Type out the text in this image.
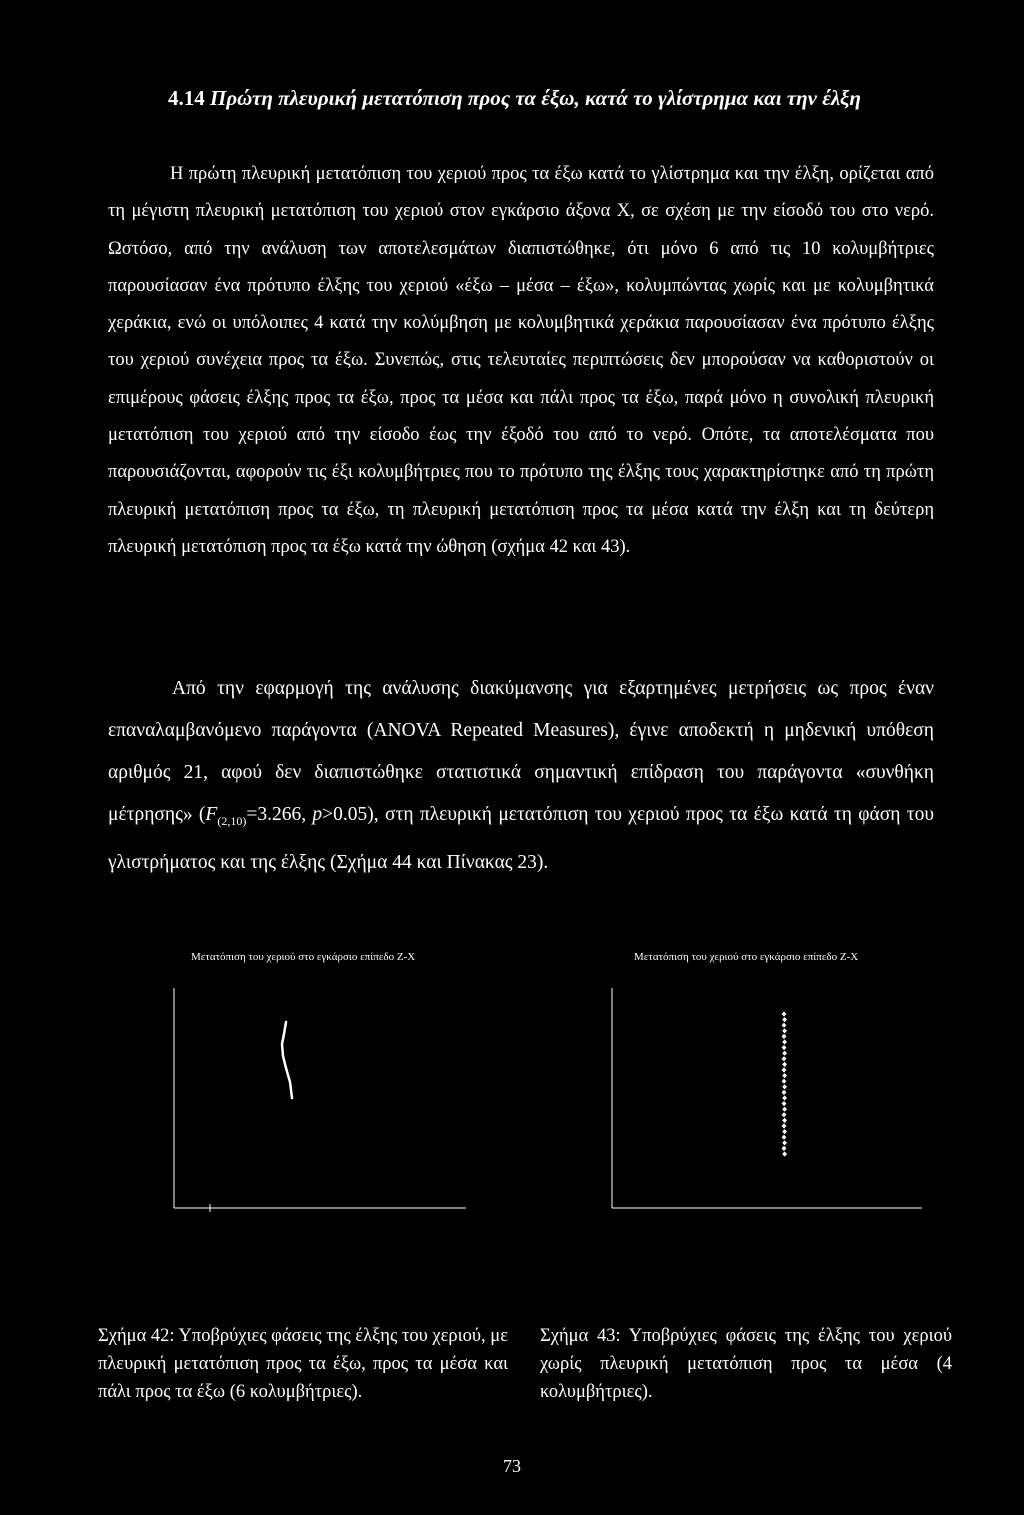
4.14 Πρώτη πλευρική μετατόπιση προς τα έξω, κατά το γλίστρημα και την έλξη
Η πρώτη πλευρική μετατόπιση του χεριού προς τα έξω κατά το γλίστρημα και την έλξη, ορίζεται από τη μέγιστη πλευρική μετατόπιση του χεριού στον εγκάρσιο άξονα Χ, σε σχέση με την είσοδό του στο νερό. Ωστόσο, από την ανάλυση των αποτελεσμάτων διαπιστώθηκε, ότι μόνο 6 από τις 10 κολυμβήτριες παρουσίασαν ένα πρότυπο έλξης του χεριού «έξω – μέσα – έξω», κολυμπώντας χωρίς και με κολυμβητικά χεράκια, ενώ οι υπόλοιπες 4 κατά την κολύμβηση με κολυμβητικά χεράκια παρουσίασαν ένα πρότυπο έλξης του χεριού συνέχεια προς τα έξω. Συνεπώς, στις τελευταίες περιπτώσεις δεν μπορούσαν να καθοριστούν οι επιμέρους φάσεις έλξης προς τα έξω, προς τα μέσα και πάλι προς τα έξω, παρά μόνο η συνολική πλευρική μετατόπιση του χεριού από την είσοδο έως την έξοδό του από το νερό. Οπότε, τα αποτελέσματα που παρουσιάζονται, αφορούν τις έξι κολυμβήτριες που το πρότυπο της έλξης τους χαρακτηρίστηκε από τη πρώτη πλευρική μετατόπιση προς τα έξω, τη πλευρική μετατόπιση προς τα μέσα κατά την έλξη και τη δεύτερη πλευρική μετατόπιση προς τα έξω κατά την ώθηση (σχήμα 42 και 43).
Από την εφαρμογή της ανάλυσης διακύμανσης για εξαρτημένες μετρήσεις ως προς έναν επαναλαμβανόμενο παράγοντα (ANOVA Repeated Measures), έγινε αποδεκτή η μηδενική υπόθεση αριθμός 21, αφού δεν διαπιστώθηκε στατιστικά σημαντική επίδραση του παράγοντα «συνθήκη μέτρησης» ($F_{(2,10)}=3.266$, p>0.05), στη πλευρική μετατόπιση του χεριού προς τα έξω κατά τη φάση του γλιστρήματος και της έλξης (Σχήμα 44 και Πίνακας 23).
Μετατόπιση του χεριού στο εγκάρσιο επίπεδο Ζ-Χ
Σχήμα 42: Υποβρύχιες φάσεις της έλξης του χεριού, με πλευρική μετατόπιση προς τα έξω, προς τα μέσα και πάλι προς τα έξω (6 κολυμβήτριες).
Μετατόπιση του χεριού στο εγκάρσιο επίπεδο Ζ-Χ
Σχήμα 43: Υποβρύχιες φάσεις της έλξης του χεριού χωρίς πλευρική μετατόπιση προς τα μέσα (4 κολυμβήτριες).
73
